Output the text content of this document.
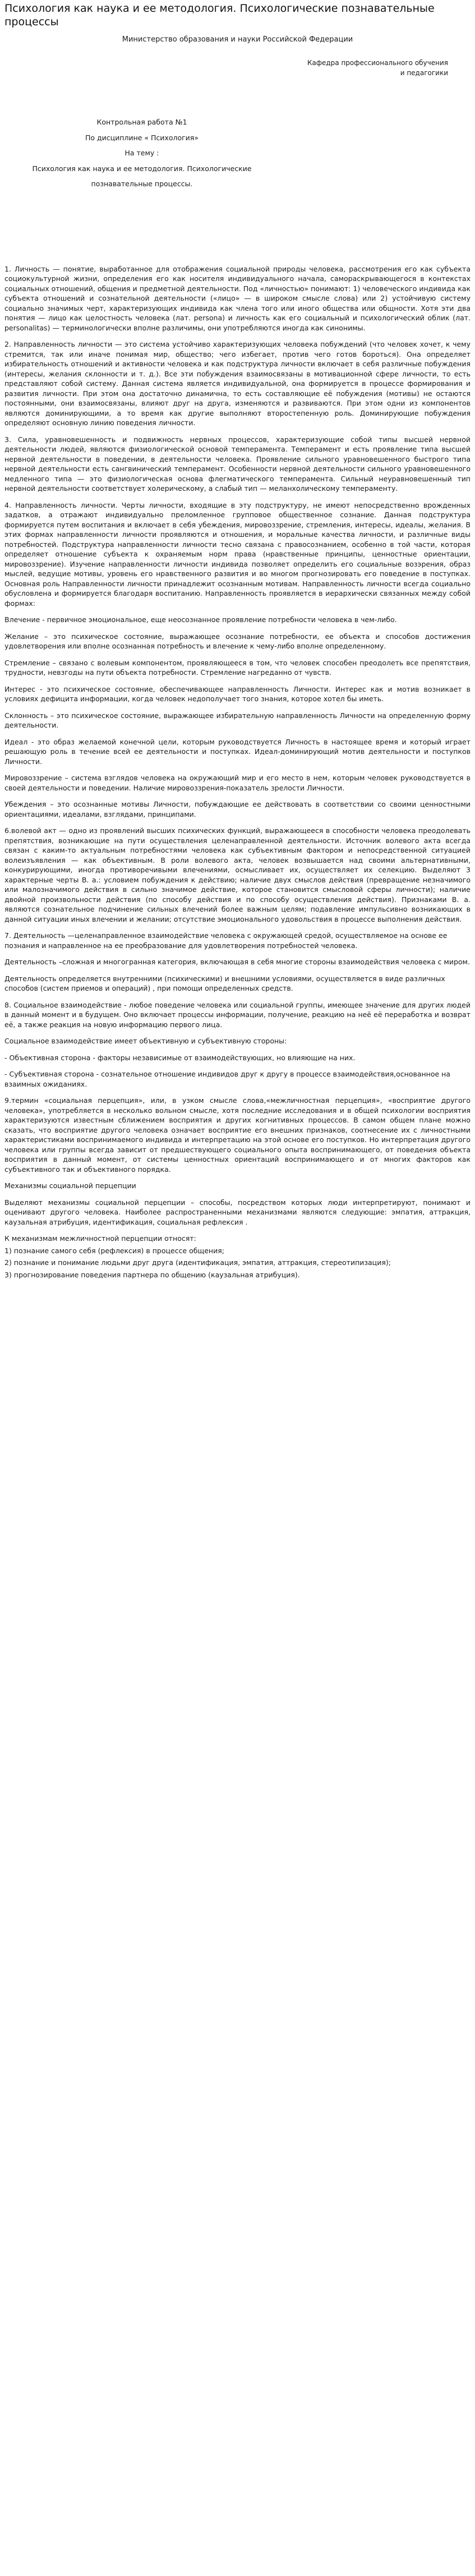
Психология как наука и ее методология. Психологические познавательные процессы
Министерство образования и науки Российской Федерации
Кафедра профессионального обучения
и педагогики
Контрольная работа №1
По дисциплине « Психология»
На тему :
Психология как наука и ее методология. Психологические
познавательные процессы.

1. Личность — понятие, выработанное для отображения социальной природы человека, рассмотрения его как субъекта социокультурной жизни, определения его как носителя индивидуального начала, самораскрывающегося в контекстах социальных отношений, общения и предметной деятельности. Под «личностью» понимают: 1) человеческого индивида как субъекта отношений и сознательной деятельности («лицо» — в широком смысле слова) или 2) устойчивую систему социально значимых черт, характеризующих индивида как члена того или иного общества или общности. Хотя эти два понятия — лицо как целостность человека (лат. persona) и личность как его социальный и психологический облик (лат. personalitas) — терминологически вполне различимы, они употребляются иногда как синонимы.

2. Направленность личности — это система устойчиво характеризующих человека побуждений (что человек хочет, к чему стремится, так или иначе понимая мир, общество; чего избегает, против чего готов бороться). Она определяет избирательность отношений и активности человека и как подструктура личности включает в себя различные побуждения (интересы, желания склонности и т. д.). Все эти побуждения взаимосвязаны в мотивационной сфере личности, то есть представляют собой систему. Данная система является индивидуальной, она формируется в процессе формирования и развития личности. При этом она достаточно динамична, то есть составляющие её побуждения (мотивы) не остаются постоянными, они взаимосвязаны, влияют друг на друга, изменяются и развиваются. При этом одни из компонентов являются доминирующими, а то время как другие выполняют второстепенную роль. Доминирующие побуждения определяют основную линию поведения личности.

3. Сила, уравновешенность и подвижность нервных процессов, характеризующие собой типы высшей нервной деятельности людей, являются физиологической основой темперамента. Темперамент и есть проявление типа высшей нервной деятельности в поведении, в деятельности человека. Проявление сильного уравновешенного быстрого типа нервной деятельности есть сангвинический темперамент. Особенности нервной деятельности сильного уравновешенного медленного типа — это физиологическая основа флегматического темперамента. Сильный неуравновешенный тип нервной деятельности соответствует холерическому, а слабый тип — меланхолическому темпераменту.

4. Направленность личности. Черты личности, входящие в эту подструктуру, не имеют непосредственно врожденных задатков, а отражают индивидуально преломленное групповое общественное сознание. Данная подструктура формируется путем воспитания и включает в себя убеждения, мировоззрение, стремления, интересы, идеалы, желания. В этих формах направленности личности проявляются и отношения, и моральные качества личности, и различные виды потребностей. Подструктура направленности личности тесно связана с правосознанием, особенно в той части, которая определяет отношение субъекта к охраняемым норм права (нравственные принципы, ценностные ориентации, мировоззрение). Изучение направленности личности индивида позволяет определить его социальные возэрения, образ мыслей, ведущие мотивы, уровень его нравственного развития и во многом прогнозировать его поведение в поступках. Основная роль Направленности личности принадлежит осознанным мотивам. Направленность личности всегда социально обусловлена и формируется благодаря воспитанию. Направленность проявляется в иерархически связанных между собой формах:

Влечение - первичное эмоциональное, еще неосознанное проявление потребности человека в чем-либо.

Желание – это психическое состояние, выражающее осознание потребности, ее объекта и способов достижения удовлетворения или вполне осознанная потребность и влечение к чему-либо вполне определенному.

Стремление – связано с волевым компонентом, проявляющееся в том, что человек способен преодолеть все препятствия, трудности, невзгоды на пути объекта потребности. Стремление нагреданно от чувств.

Интерес - это психическое состояние, обеспечивающее направленность Личности. Интерес как и мотив возникает в условиях дефицита информации, когда человек недополучает того знания, которое хотел бы иметь.

Склонность – это психическое состояние, выражающее избирательную направленность Личности на определенную форму деятельности.

Идеал - это образ желаемой конечной цели, которым руководствуется Личность в настоящее время и который играет решающую роль в течение всей ее деятельности и поступках. Идеал-доминирующий мотив деятельности и поступков Личности.

Мировоззрение – система взглядов человека на окружающий мир и его место в нем, которым человек руководствуется в своей деятельности и поведении. Наличие мировоззрения-показатель зрелости Личности.

Убеждения – это осознанные мотивы Личности, побуждающие ее действовать в соответствии со своими ценностными ориентациями, идеалами, взглядами, принципами.

6.волевой акт — одно из проявлений высших психических функций, выражающееся в способности человека преодолевать препятствия, возникающие на пути осуществления целенаправленной деятельности. Источник волевого акта всегда связан с каким-то актуальным потребностями человека как субъективным фактором и непосредственной ситуацией волеизъявления — как объективным. В роли волевого акта, человек возвышается над своими альтернативными, конкурирующими, иногда противоречивыми влечениями, осмысливает их, осуществляет их селекцию. Выделяют 3 характерные черты В. а.: условием побуждения к действию; наличие двух смыслов действия (превращение незначимого или малозначимого действия в сильно значимое действие, которое становится смысловой сферы личности); наличие двойной произвольности действия (по способу действия и по способу осуществления действия). Признаками В. а. являются сознательное подчинение сильных влечений более важным целям; подавление импульсивно возникающих в данной ситуации иных влечении и желании; отсутствие эмоционального удовольствия в процессе выполнения действия.

7. Деятельность —целенаправленное взаимодействие человека с окружающей средой, осуществляемое на основе ее познания и направленное на ее преобразование для удовлетворения потребностей человека.

Деятельность –сложная и многогранная категория, включающая в себя многие стороны взаимодействия человека с миром.

Деятельность определяется внутренними (психическими) и внешними условиями, осуществляется в виде различных способов (систем приемов и операций) , при помощи определенных средств.

8. Социальное взаимодействие - любое поведение человека или социальной группы, имеющее значение для других людей в данный момент и в будущем. Оно включает процессы информации, получение, реакцию на неё её переработка и возврат её, а также реакция на новую информацию первого лица.

Социальное взаимодействие имеет объективную и субъективную стороны:

- Объективная сторона - факторы независимые от взаимодействующих, но влияющие на них.

- Субъективная сторона - сознательное отношение индивидов друг к другу в процессе взаимодействия,основанное на взаимных ожиданиях.

9.термин «социальная перцепция», или, в узком смысле слова,«межличностная перцепция», «восприятие другого человека», употребляется в несколько вольном смысле, хотя последние исследования и в общей психологии восприятия характеризуются известным сближением восприятия и других когнитивных процессов. В самом общем плане можно сказать, что восприятие другого человека означает восприятие его внешних признаков, соотнесение их с личностными характеристиками воспринимаемого индивида и интерпретацию на этой основе его поступков. Но интерпретация другого человека или группы всегда зависит от предшествующего социального опыта воспринимающего, от поведения объекта восприятия в данный момент, от системы ценностных ориентаций воспринимающего и от многих факторов как субъективного так и объективного порядка.

Механизмы социальной перцепции

Выделяют механизмы социальной перцепции – способы, посредством которых люди интерпретируют, понимают и оценивают другого человека. Наиболее распространенными механизмами являются следующие: эмпатия, аттракция, каузальная атрибуция, идентификация, социальная рефлексия .

К механизмам межличностной перцепции относят:

1) познание самого себя (рефлексия) в процессе общения;

2) познание и понимание людьми друг друга (идентификация, эмпатия, аттракция, стереотипизация);

3) прогнозирование поведения партнера по общению (каузальная атрибуция).
